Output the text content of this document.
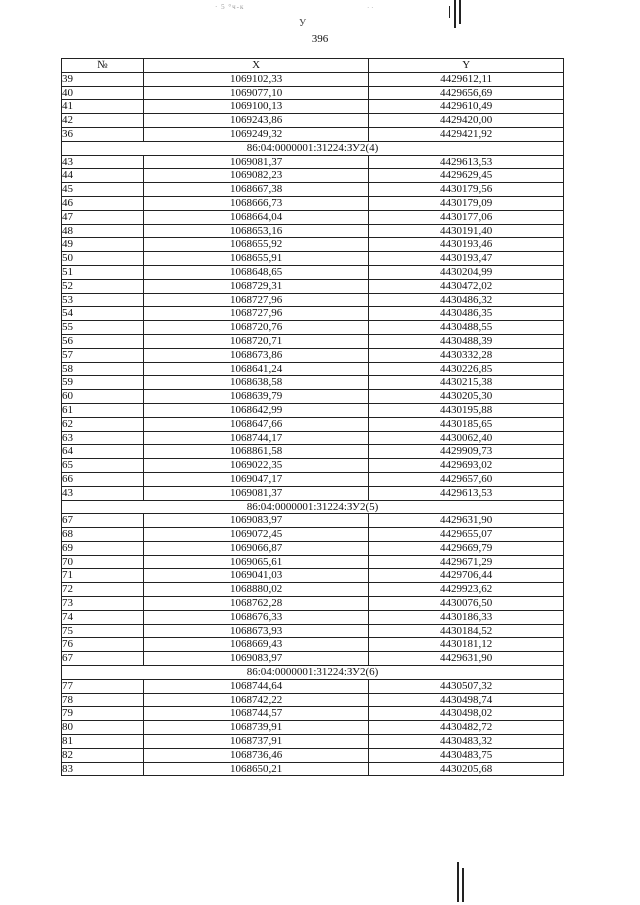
· 5 °ч‑к	· ·
У
396
№	X	Y
39	1069102,33	4429612,11
40	1069077,10	4429656,69
41	1069100,13	4429610,49
42	1069243,86	4429420,00
36	1069249,32	4429421,92
86:04:0000001:31224:ЗУ2(4)		
43	1069081,37	4429613,53
44	1069082,23	4429629,45
45	1068667,38	4430179,56
46	1068666,73	4430179,09
47	1068664,04	4430177,06
48	1068653,16	4430191,40
49	1068655,92	4430193,46
50	1068655,91	4430193,47
51	1068648,65	4430204,99
52	1068729,31	4430472,02
53	1068727,96	4430486,32
54	1068727,96	4430486,35
55	1068720,76	4430488,55
56	1068720,71	4430488,39
57	1068673,86	4430332,28
58	1068641,24	4430226,85
59	1068638,58	4430215,38
60	1068639,79	4430205,30
61	1068642,99	4430195,88
62	1068647,66	4430185,65
63	1068744,17	4430062,40
64	1068861,58	4429909,73
65	1069022,35	4429693,02
66	1069047,17	4429657,60
43	1069081,37	4429613,53
86:04:0000001:31224:ЗУ2(5)		
67	1069083,97	4429631,90
68	1069072,45	4429655,07
69	1069066,87	4429669,79
70	1069065,61	4429671,29
71	1069041,03	4429706,44
72	1068880,02	4429923,62
73	1068762,28	4430076,50
74	1068676,33	4430186,33
75	1068673,93	4430184,52
76	1068669,43	4430181,12
67	1069083,97	4429631,90
86:04:0000001:31224:ЗУ2(6)		
77	1068744,64	4430507,32
78	1068742,22	4430498,74
79	1068744,57	4430498,02
80	1068739,91	4430482,72
81	1068737,91	4430483,32
82	1068736,46	4430483,75
83	1068650,21	4430205,68
